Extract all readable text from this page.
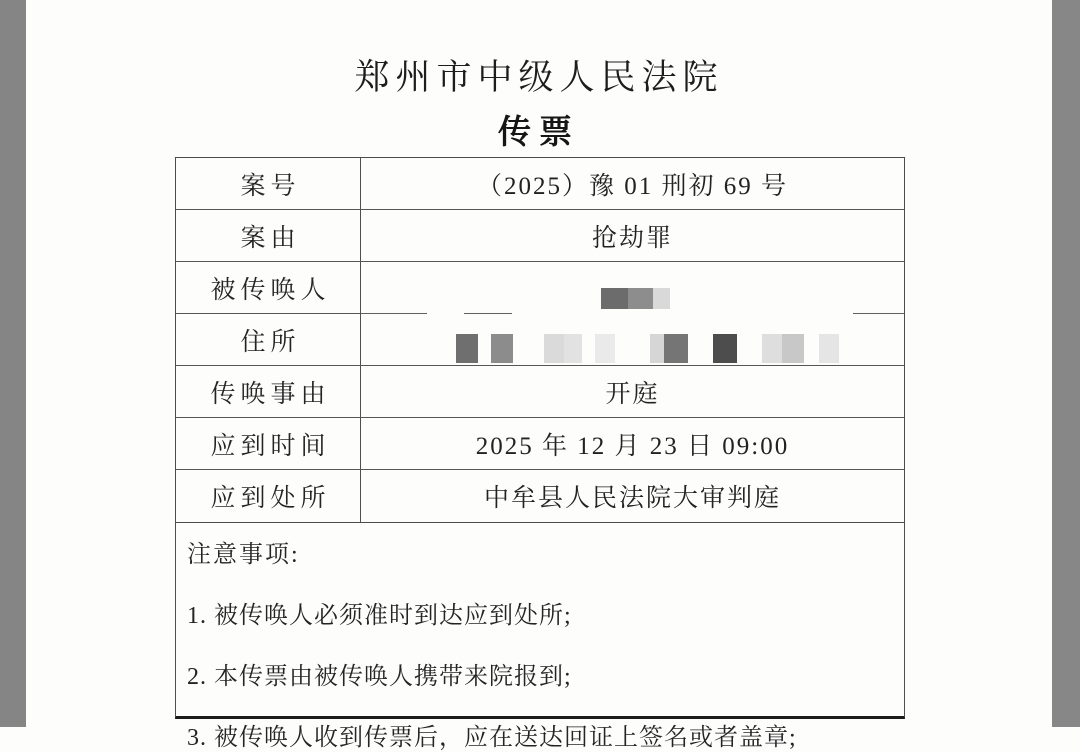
郑州市中级人民法院
传票
案号	（2025）豫 01 刑初 69 号
案由	抢劫罪
被传唤人
住所
传唤事由	开庭
应到时间	2025 年 12 月 23 日 09:00
应到处所	中牟县人民法院大审判庭
注意事项:
1. 被传唤人必须准时到达应到处所;
2. 本传票由被传唤人携带来院报到;
3. 被传唤人收到传票后，应在送达回证上签名或者盖章;
